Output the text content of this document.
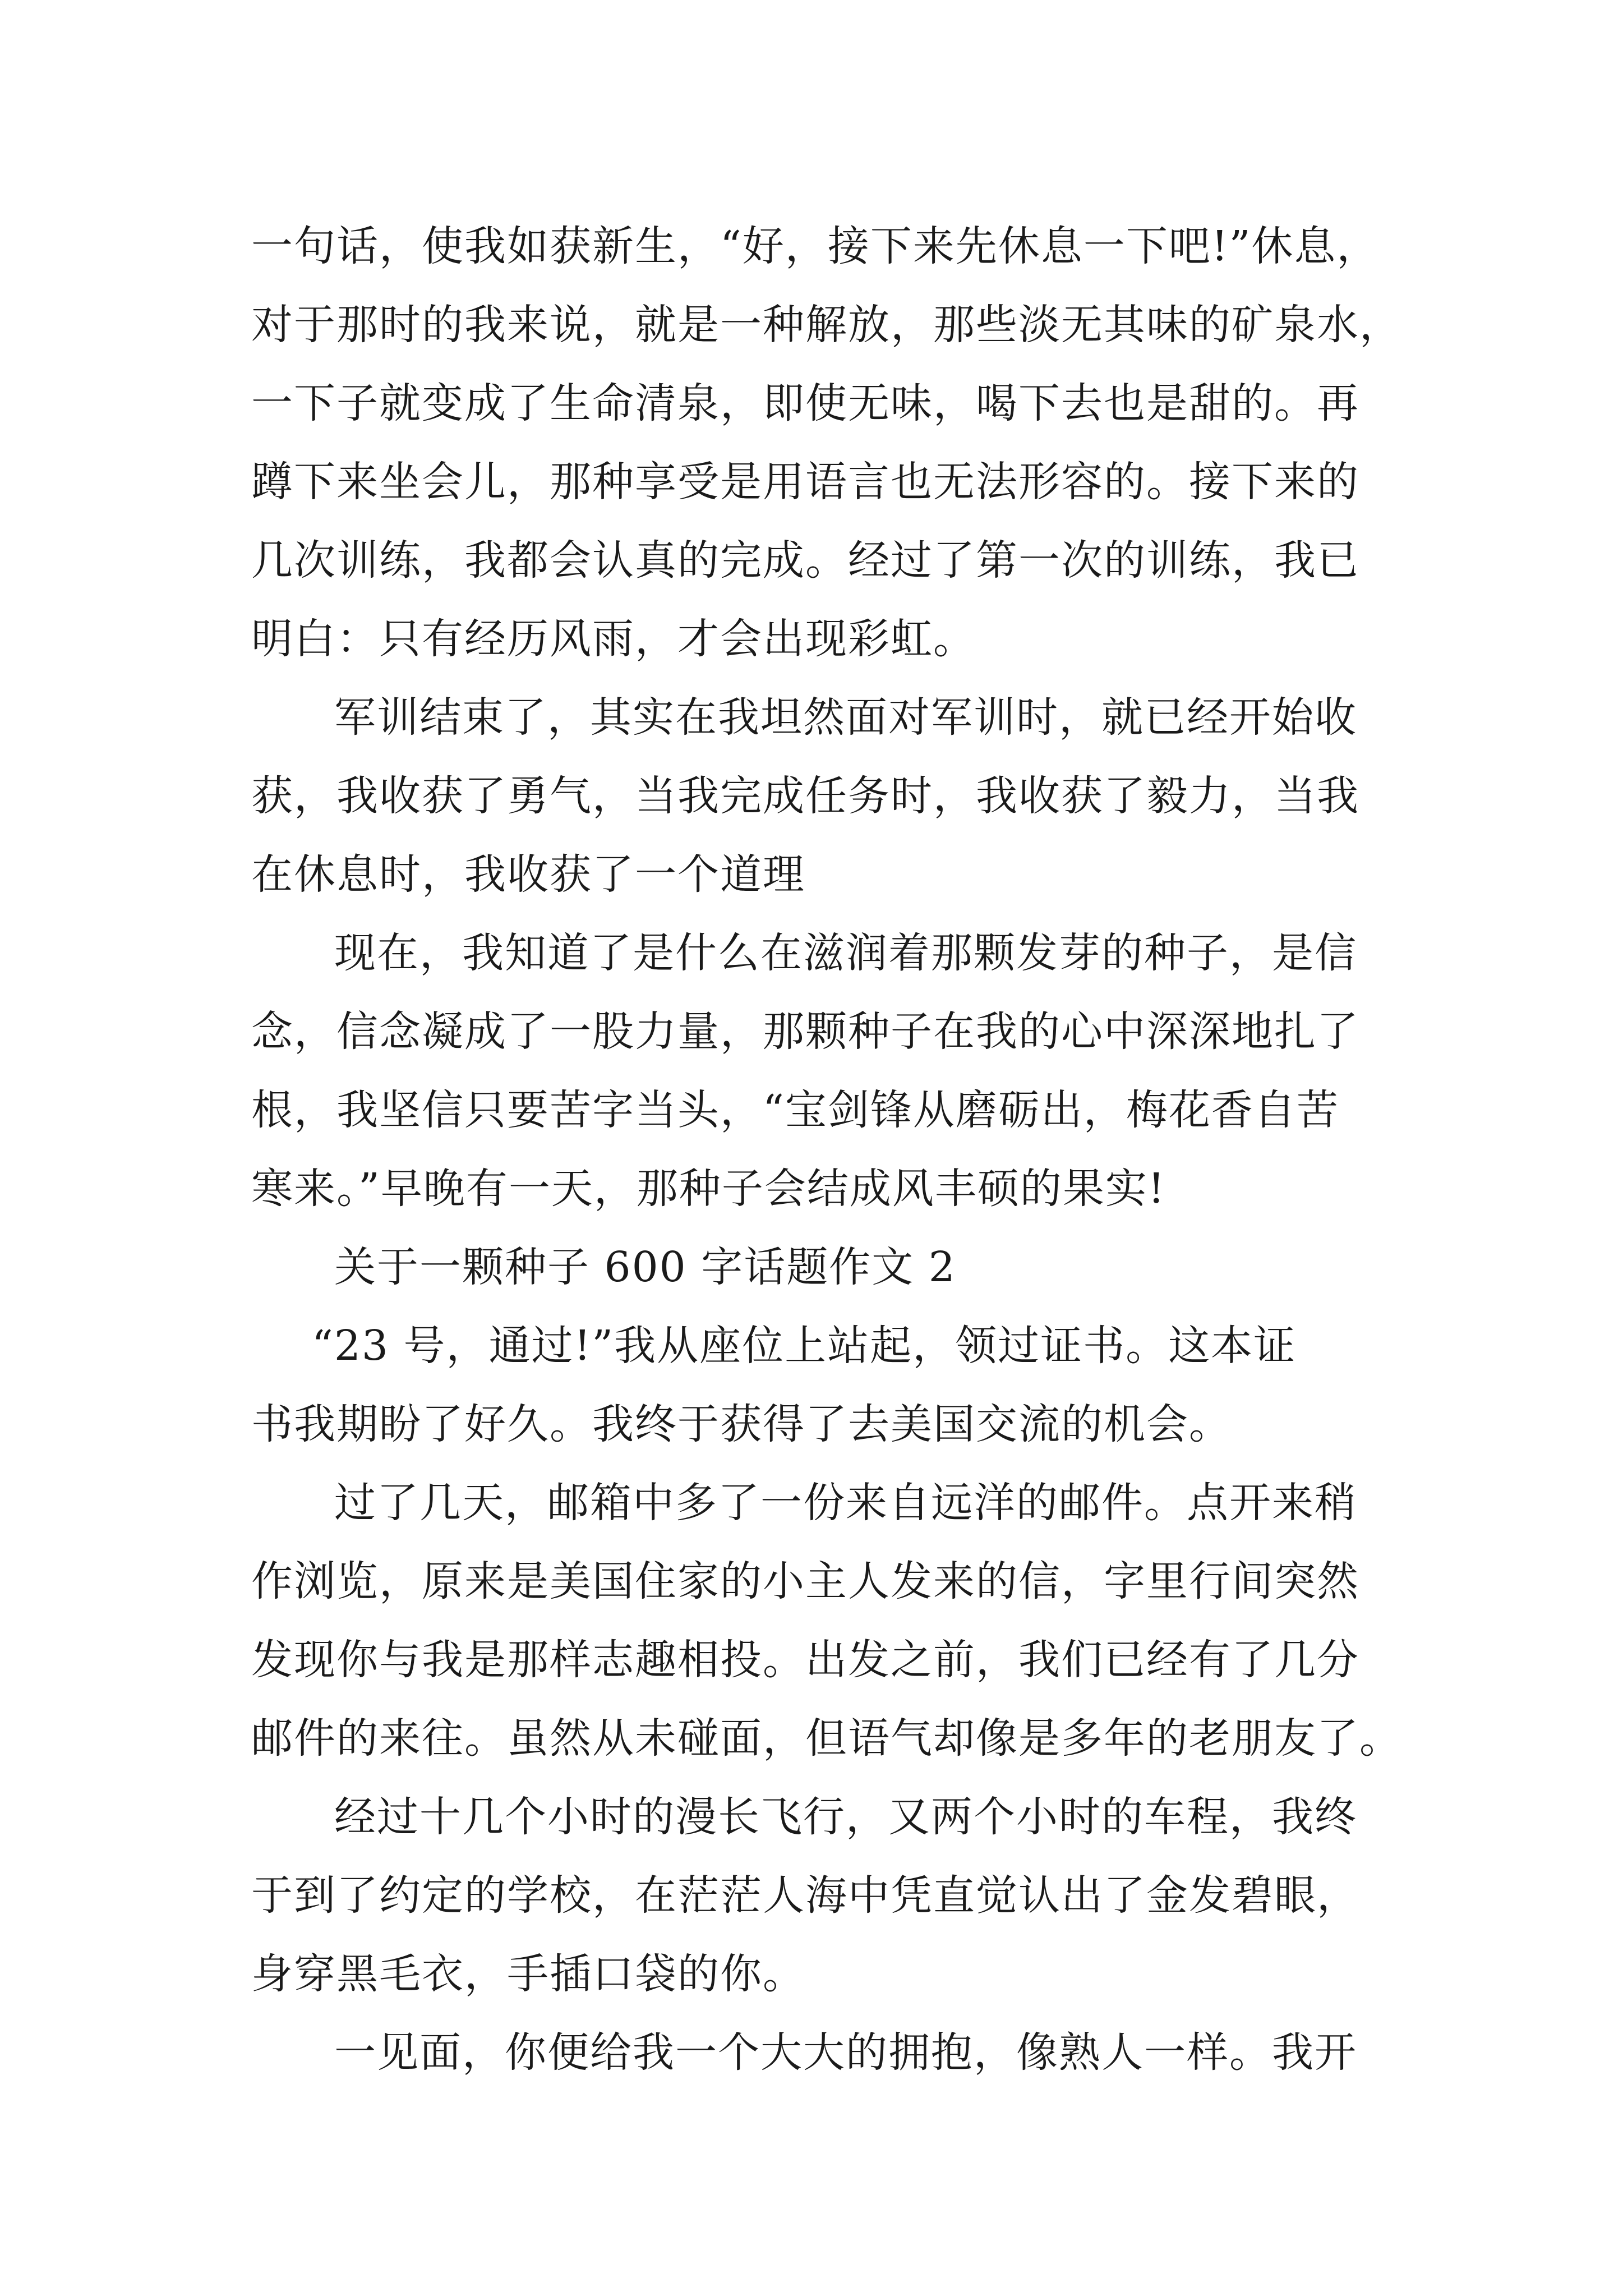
一句话，使我如获新生，“好，接下来先休息一下吧!”休息，
对于那时的我来说，就是一种解放，那些淡无其味的矿泉水，
一下子就变成了生命清泉，即使无味，喝下去也是甜的。再
蹲下来坐会儿，那种享受是用语言也无法形容的。接下来的
几次训练，我都会认真的完成。经过了第一次的训练，我已
明白：只有经历风雨，才会出现彩虹。
军训结束了，其实在我坦然面对军训时，就已经开始收
获，我收获了勇气，当我完成任务时，我收获了毅力，当我
在休息时，我收获了一个道理
现在，我知道了是什么在滋润着那颗发芽的种子，是信
念，信念凝成了一股力量，那颗种子在我的心中深深地扎了
根，我坚信只要苦字当头，“宝剑锋从磨砺出，梅花香自苦
寒来。”早晚有一天，那种子会结成风丰硕的果实!
关于一颗种子 600 字话题作文 2
“23 号，通过!”我从座位上站起，领过证书。这本证
书我期盼了好久。我终于获得了去美国交流的机会。
过了几天，邮箱中多了一份来自远洋的邮件。点开来稍
作浏览，原来是美国住家的小主人发来的信，字里行间突然
发现你与我是那样志趣相投。出发之前，我们已经有了几分
邮件的来往。虽然从未碰面，但语气却像是多年的老朋友了。
经过十几个小时的漫长飞行，又两个小时的车程，我终
于到了约定的学校，在茫茫人海中凭直觉认出了金发碧眼，
身穿黑毛衣，手插口袋的你。
一见面，你便给我一个大大的拥抱，像熟人一样。我开
